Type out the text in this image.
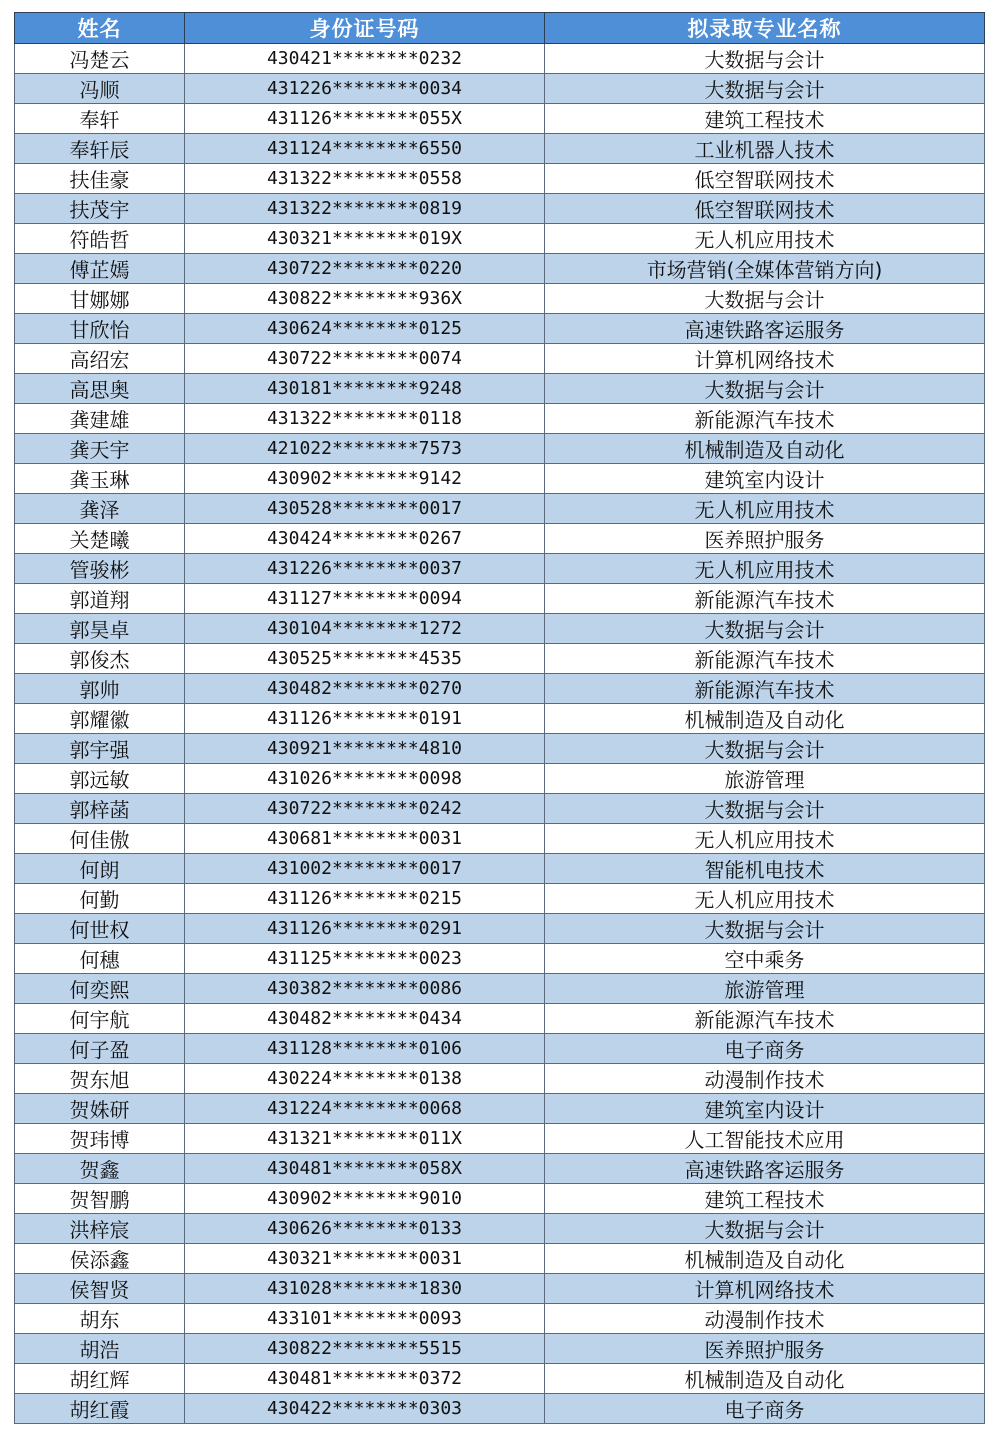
姓名	身份证号码	拟录取专业名称
冯楚云	430421********0232	大数据与会计
冯顺	431226********0034	大数据与会计
奉轩	431126********055X	建筑工程技术
奉轩辰	431124********6550	工业机器人技术
扶佳豪	431322********0558	低空智联网技术
扶茂宇	431322********0819	低空智联网技术
符皓哲	430321********019X	无人机应用技术
傅芷嫣	430722********0220	市场营销(全媒体营销方向)
甘娜娜	430822********936X	大数据与会计
甘欣怡	430624********0125	高速铁路客运服务
高绍宏	430722********0074	计算机网络技术
高思奥	430181********9248	大数据与会计
龚建雄	431322********0118	新能源汽车技术
龚天宇	421022********7573	机械制造及自动化
龚玉琳	430902********9142	建筑室内设计
龚泽	430528********0017	无人机应用技术
关楚曦	430424********0267	医养照护服务
管骏彬	431226********0037	无人机应用技术
郭道翔	431127********0094	新能源汽车技术
郭昊卓	430104********1272	大数据与会计
郭俊杰	430525********4535	新能源汽车技术
郭帅	430482********0270	新能源汽车技术
郭耀徽	431126********0191	机械制造及自动化
郭宇强	430921********4810	大数据与会计
郭远敏	431026********0098	旅游管理
郭梓菡	430722********0242	大数据与会计
何佳傲	430681********0031	无人机应用技术
何朗	431002********0017	智能机电技术
何勤	431126********0215	无人机应用技术
何世权	431126********0291	大数据与会计
何穗	431125********0023	空中乘务
何奕熙	430382********0086	旅游管理
何宇航	430482********0434	新能源汽车技术
何子盈	431128********0106	电子商务
贺东旭	430224********0138	动漫制作技术
贺姝研	431224********0068	建筑室内设计
贺玮博	431321********011X	人工智能技术应用
贺鑫	430481********058X	高速铁路客运服务
贺智鹏	430902********9010	建筑工程技术
洪梓宸	430626********0133	大数据与会计
侯添鑫	430321********0031	机械制造及自动化
侯智贤	431028********1830	计算机网络技术
胡东	433101********0093	动漫制作技术
胡浩	430822********5515	医养照护服务
胡红辉	430481********0372	机械制造及自动化
胡红霞	430422********0303	电子商务
